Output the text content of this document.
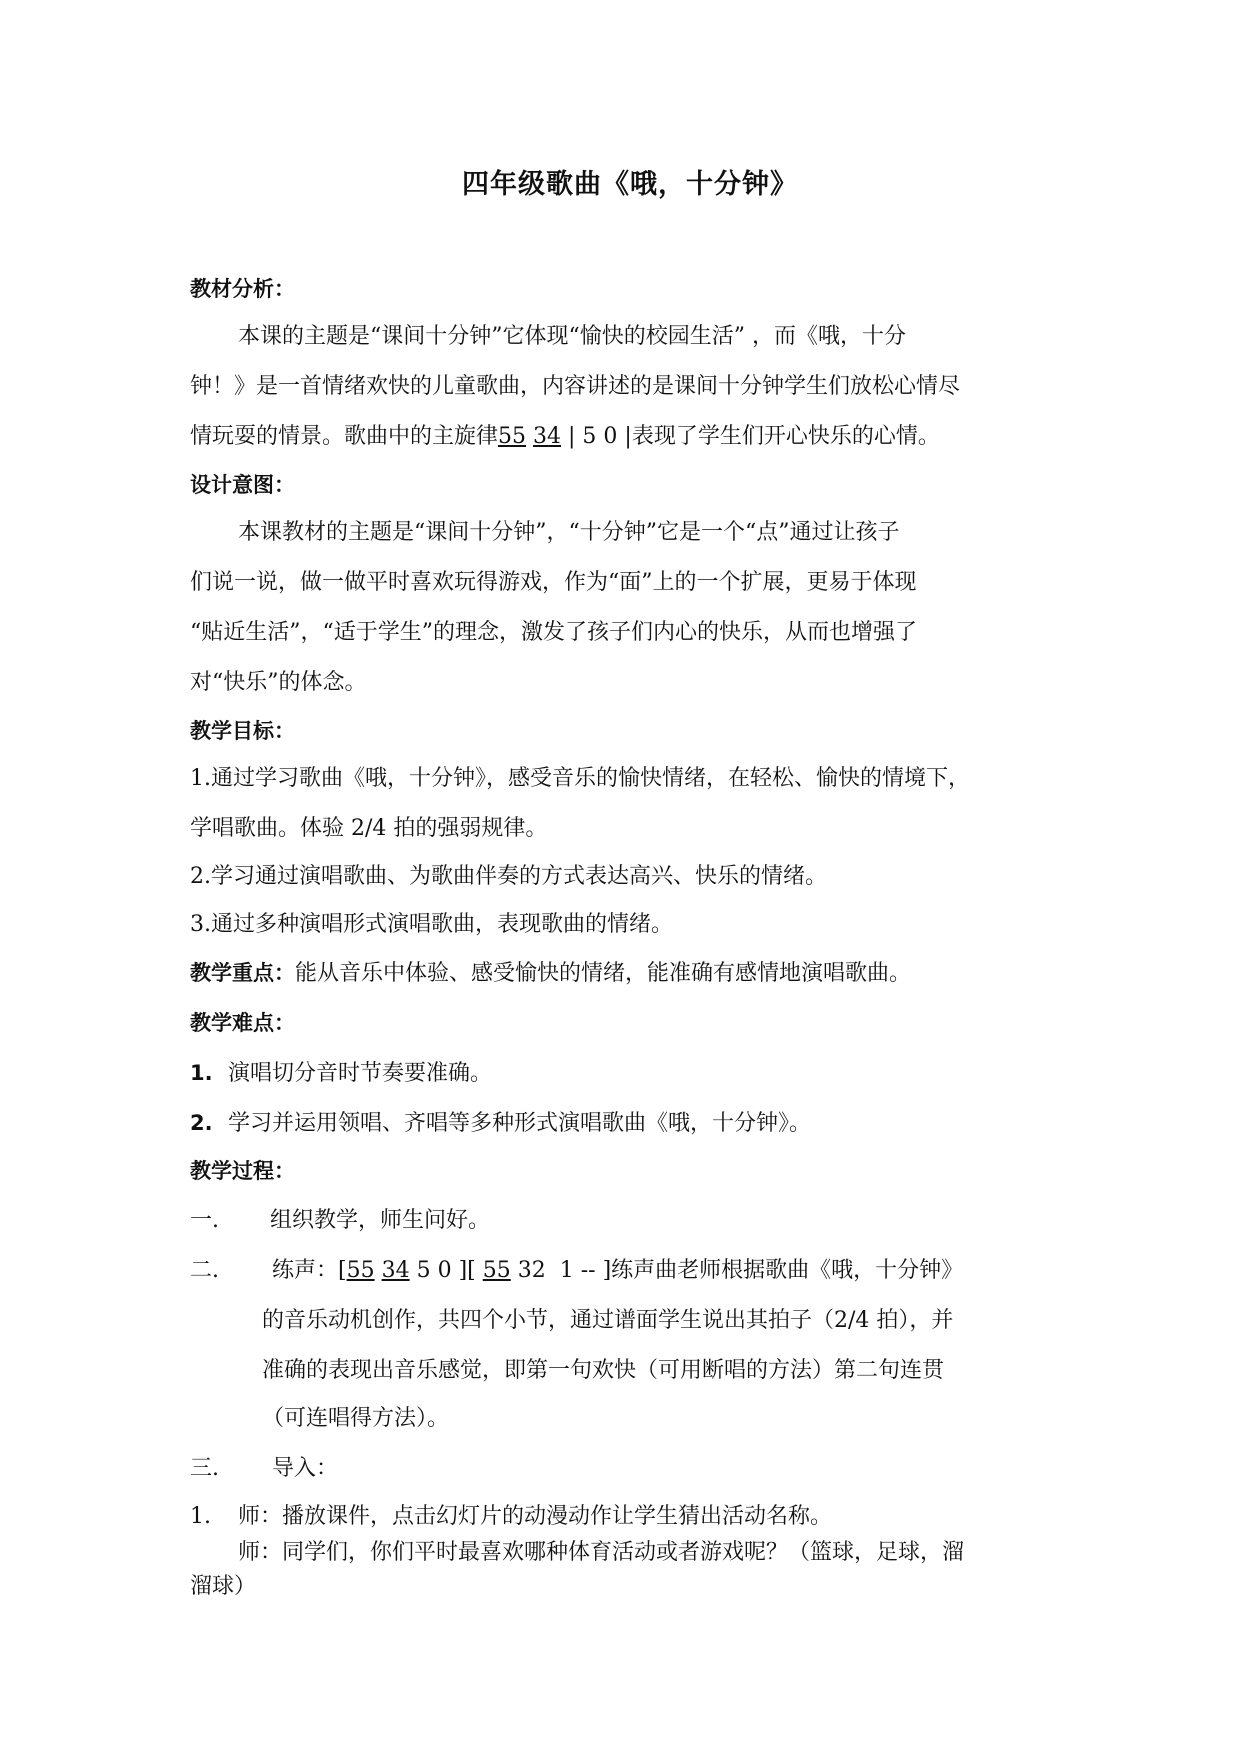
四年级歌曲《哦，十分钟》
教材分析：
本课的主题是“课间十分钟”它体现“愉快的校园生活” ，而《哦，十分
钟！》是一首情绪欢快的儿童歌曲，内容讲述的是课间十分钟学生们放松心情尽
情玩耍的情景。歌曲中的主旋律55 34 | 5 0 |表现了学生们开心快乐的心情。
设计意图：
本课教材的主题是“课间十分钟”，“十分钟”它是一个“点”通过让孩子
们说一说，做一做平时喜欢玩得游戏，作为“面”上的一个扩展，更易于体现
“贴近生活”，“适于学生”的理念，激发了孩子们内心的快乐，从而也增强了
对“快乐”的体念。
教学目标：
1.通过学习歌曲《哦，十分钟》，感受音乐的愉快情绪，在轻松、愉快的情境下，
学唱歌曲。体验 2/4 拍的强弱规律。
2.学习通过演唱歌曲、为歌曲伴奏的方式表达高兴、快乐的情绪。
3.通过多种演唱形式演唱歌曲，表现歌曲的情绪。
教学重点：能从音乐中体验、感受愉快的情绪，能准确有感情地演唱歌曲。
教学难点：
1. 演唱切分音时节奏要准确。
2. 学习并运用领唱、齐唱等多种形式演唱歌曲《哦，十分钟》。
教学过程：
一. 组织教学，师生问好。
二. 练声：[55 34 5 0 ][ 55 32 1 -- ]练声曲老师根据歌曲《哦，十分钟》
的音乐动机创作，共四个小节，通过谱面学生说出其拍子（2/4 拍），并
准确的表现出音乐感觉，即第一句欢快（可用断唱的方法）第二句连贯
（可连唱得方法）。
三. 导入：
1. 师：播放课件，点击幻灯片的动漫动作让学生猜出活动名称。
师：同学们，你们平时最喜欢哪种体育活动或者游戏呢？（篮球，足球，溜
溜球）
